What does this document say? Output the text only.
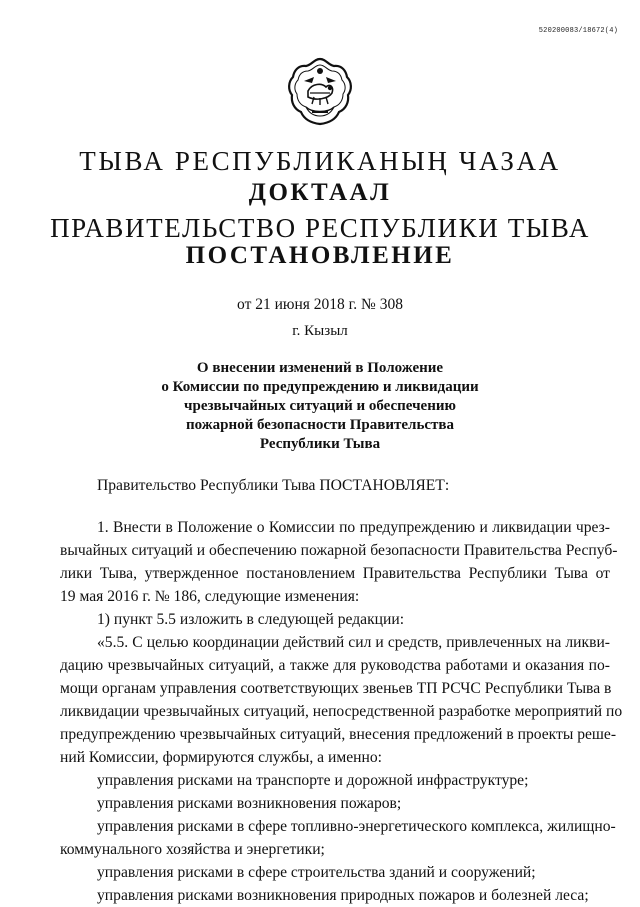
520200083/18672(4)
ТЫВА РЕСПУБЛИКАНЫҢ ЧАЗАА
ДОКТААЛ
ПРАВИТЕЛЬСТВО РЕСПУБЛИКИ ТЫВА
ПОСТАНОВЛЕНИЕ
от 21 июня 2018 г. № 308
г. Кызыл
О внесении изменений в Положение
о Комиссии по предупреждению и ликвидации
чрезвычайных ситуаций и обеспечению
пожарной безопасности Правительства
Республики Тыва
Правительство Республики Тыва ПОСТАНОВЛЯЕТ:
1. Внести в Положение о Комиссии по предупреждению и ликвидации чрез-
вычайных ситуаций и обеспечению пожарной безопасности Правительства Респуб-
лики Тыва, утвержденное постановлением Правительства Республики Тыва от
19 мая 2016 г. № 186, следующие изменения:
1) пункт 5.5 изложить в следующей редакции:
«5.5. С целью координации действий сил и средств, привлеченных на ликви-
дацию чрезвычайных ситуаций, а также для руководства работами и оказания по-
мощи органам управления соответствующих звеньев ТП РСЧС Республики Тыва в
ликвидации чрезвычайных ситуаций, непосредственной разработке мероприятий по
предупреждению чрезвычайных ситуаций, внесения предложений в проекты реше-
ний Комиссии, формируются службы, а именно:
управления рисками на транспорте и дорожной инфраструктуре;
управления рисками возникновения пожаров;
управления рисками в сфере топливно-энергетического комплекса, жилищно-
коммунального хозяйства и энергетики;
управления рисками в сфере строительства зданий и сооружений;
управления рисками возникновения природных пожаров и болезней леса;
